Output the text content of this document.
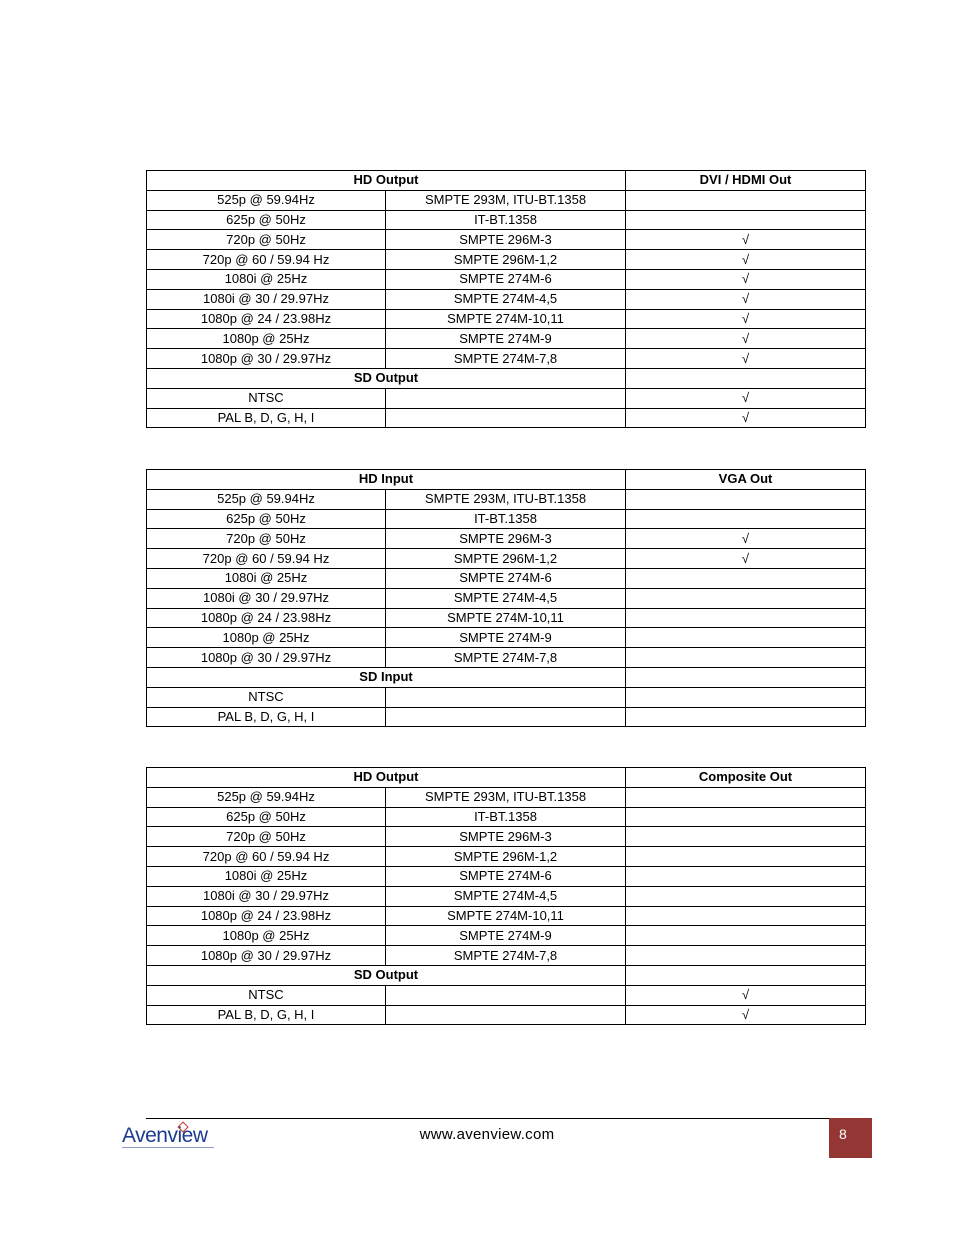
HD Output		DVI / HDMI Out
525p @ 59.94Hz	SMPTE 293M, ITU-BT.1358	
625p @ 50Hz	IT-BT.1358	
720p @ 50Hz	SMPTE 296M-3	√
720p @ 60 / 59.94 Hz	SMPTE 296M-1,2	√
1080i @ 25Hz	SMPTE 274M-6	√
1080i @ 30 / 29.97Hz	SMPTE 274M-4,5	√
1080p @ 24 / 23.98Hz	SMPTE 274M-10,11	√
1080p @ 25Hz	SMPTE 274M-9	√
1080p @ 30 / 29.97Hz	SMPTE 274M-7,8	√
SD Output		
NTSC		√
PAL B, D, G, H, I		√
HD Input		VGA Out
525p @ 59.94Hz	SMPTE 293M, ITU-BT.1358	
625p @ 50Hz	IT-BT.1358	
720p @ 50Hz	SMPTE 296M-3	√
720p @ 60 / 59.94 Hz	SMPTE 296M-1,2	√
1080i @ 25Hz	SMPTE 274M-6	
1080i @ 30 / 29.97Hz	SMPTE 274M-4,5	
1080p @ 24 / 23.98Hz	SMPTE 274M-10,11	
1080p @ 25Hz	SMPTE 274M-9	
1080p @ 30 / 29.97Hz	SMPTE 274M-7,8	
SD Input		
NTSC		
PAL B, D, G, H, I		
HD Output		Composite Out
525p @ 59.94Hz	SMPTE 293M, ITU-BT.1358	
625p @ 50Hz	IT-BT.1358	
720p @ 50Hz	SMPTE 296M-3	
720p @ 60 / 59.94 Hz	SMPTE 296M-1,2	
1080i @ 25Hz	SMPTE 274M-6	
1080i @ 30 / 29.97Hz	SMPTE 274M-4,5	
1080p @ 24 / 23.98Hz	SMPTE 274M-10,11	
1080p @ 25Hz	SMPTE 274M-9	
1080p @ 30 / 29.97Hz	SMPTE 274M-7,8	
SD Output		
NTSC		√
PAL B, D, G, H, I		√
Avenview	www.avenview.com	8
